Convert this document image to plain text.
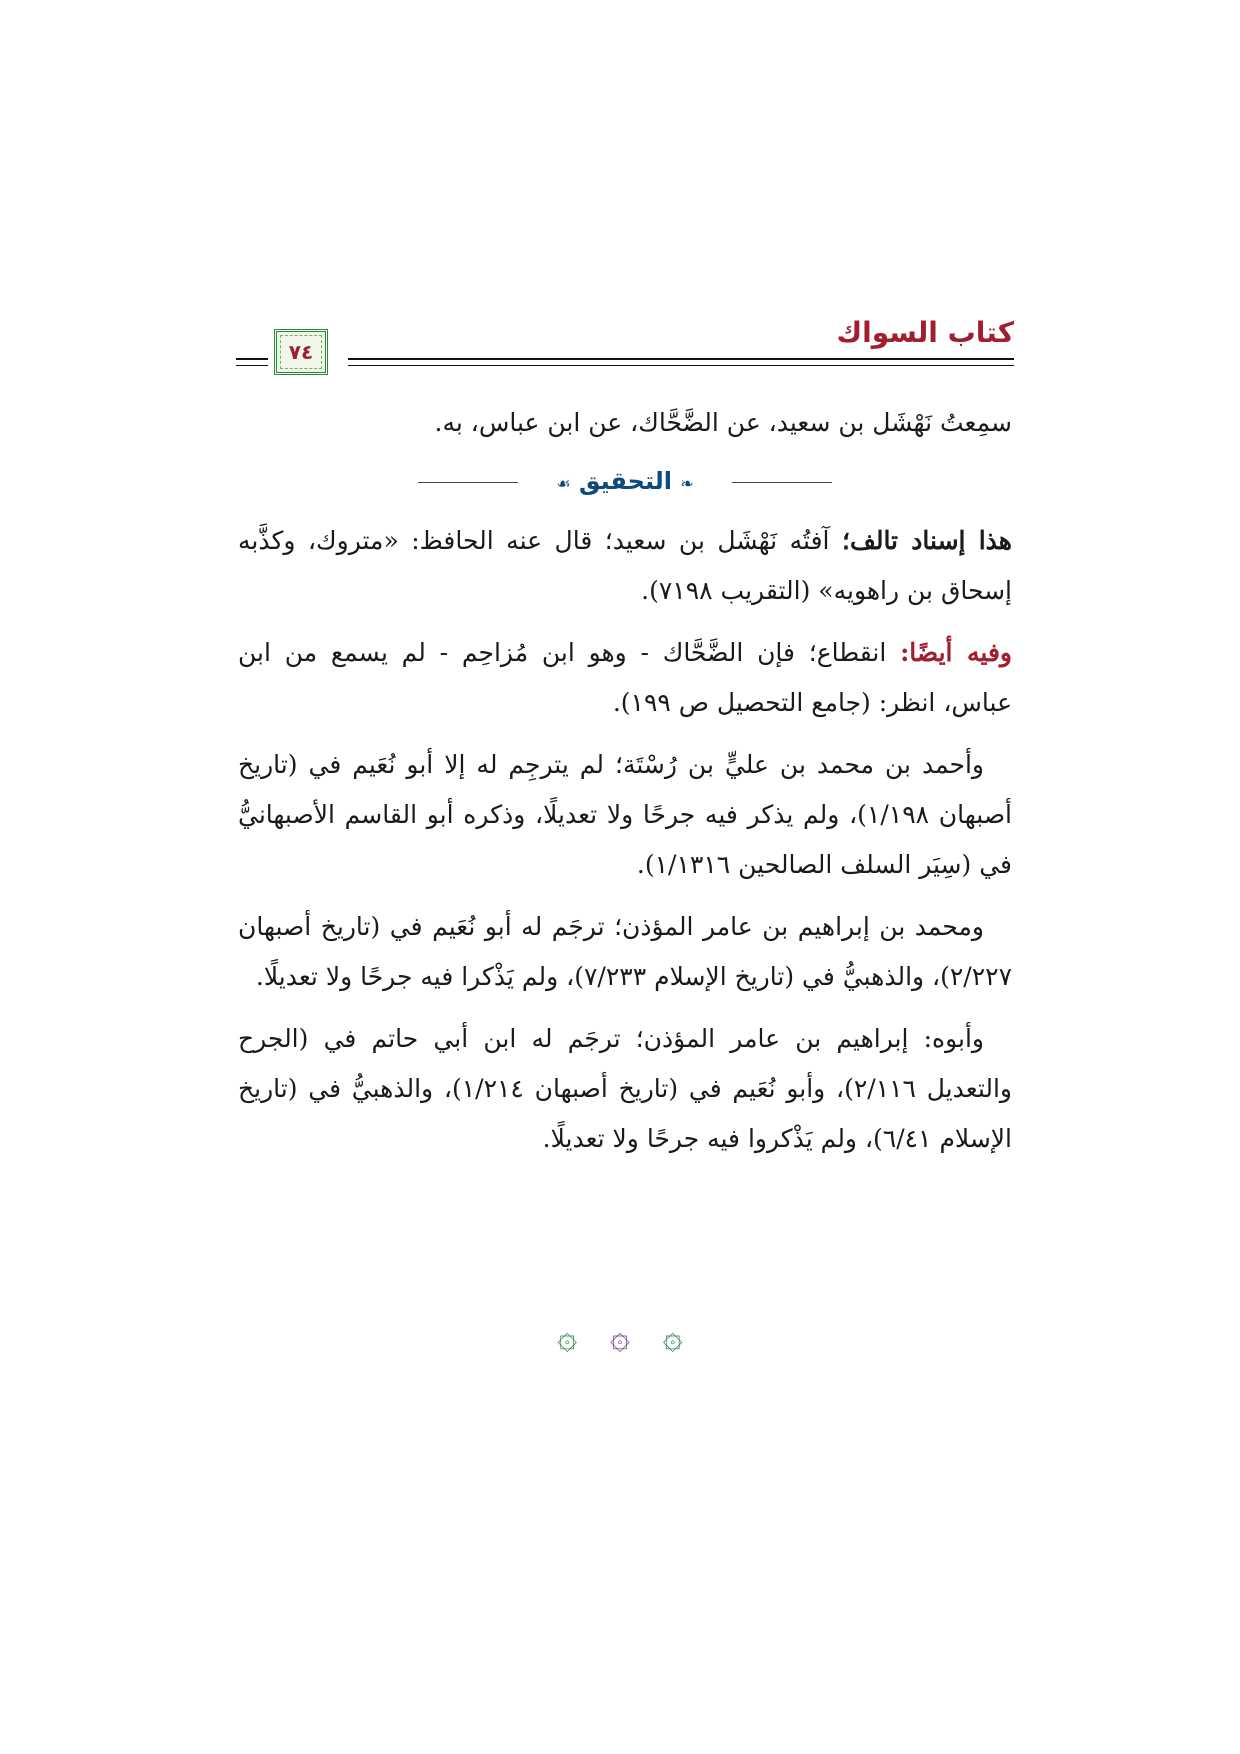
كتاب السواك
٧٤

سمِعتُ نَهْشَل بن سعيد، عن الضَّحَّاك، عن ابن عباس، به.

❧ التحقيق ☙

هذا إسناد تالف؛ آفتُه نَهْشَل بن سعيد؛ قال عنه الحافظ: «متروك، وكذَّبه إسحاق بن راهويه» (التقريب ٧١٩٨).

وفيه أيضًا: انقطاع؛ فإن الضَّحَّاك - وهو ابن مُزاحِم - لم يسمع من ابن عباس، انظر: (جامع التحصيل ص ١٩٩).

وأحمد بن محمد بن عليٍّ بن رُسْتَة؛ لم يترجِم له إلا أبو نُعَيم في (تاريخ أصبهان ١/١٩٨)، ولم يذكر فيه جرحًا ولا تعديلًا، وذكره أبو القاسم الأصبهانيُّ في (سِيَر السلف الصالحين ١/١٣١٦).

ومحمد بن إبراهيم بن عامر المؤذن؛ ترجَم له أبو نُعَيم في (تاريخ أصبهان ٢/٢٢٧)، والذهبيُّ في (تاريخ الإسلام ٧/٢٣٣)، ولم يَذْكرا فيه جرحًا ولا تعديلًا.

وأبوه: إبراهيم بن عامر المؤذن؛ ترجَم له ابن أبي حاتم في (الجرح والتعديل ٢/١١٦)، وأبو نُعَيم في (تاريخ أصبهان ١/٢١٤)، والذهبيُّ في (تاريخ الإسلام ٦/٤١)، ولم يَذْكروا فيه جرحًا ولا تعديلًا.

۞ ۞ ۞
